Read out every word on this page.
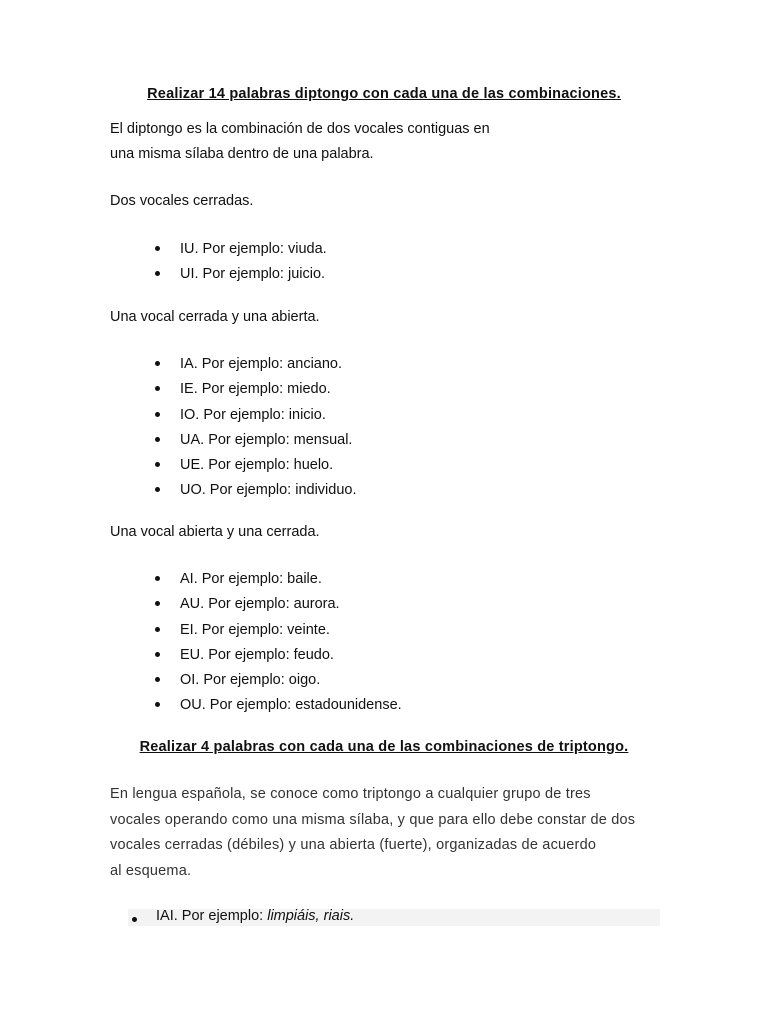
Realizar 14 palabras diptongo con cada una de las combinaciones.

El diptongo es la combinación de dos vocales contiguas en
una misma sílaba dentro de una palabra.

Dos vocales cerradas.

IU. Por ejemplo: viuda.
UI. Por ejemplo: juicio.

Una vocal cerrada y una abierta.

IA. Por ejemplo: anciano.
IE. Por ejemplo: miedo.
IO. Por ejemplo: inicio.
UA. Por ejemplo: mensual.
UE. Por ejemplo: huelo.
UO. Por ejemplo: individuo.

Una vocal abierta y una cerrada.

AI. Por ejemplo: baile.
AU. Por ejemplo: aurora.
EI. Por ejemplo: veinte.
EU. Por ejemplo: feudo.
OI. Por ejemplo: oigo.
OU. Por ejemplo: estadounidense.
Realizar 4 palabras con cada una de las combinaciones de triptongo.

En lengua española, se conoce como triptongo a cualquier grupo de tres
vocales operando como una misma sílaba, y que para ello debe constar de dos
vocales cerradas (débiles) y una abierta (fuerte), organizadas de acuerdo
al esquema.

IAI. Por ejemplo: limpiáis, riais.
